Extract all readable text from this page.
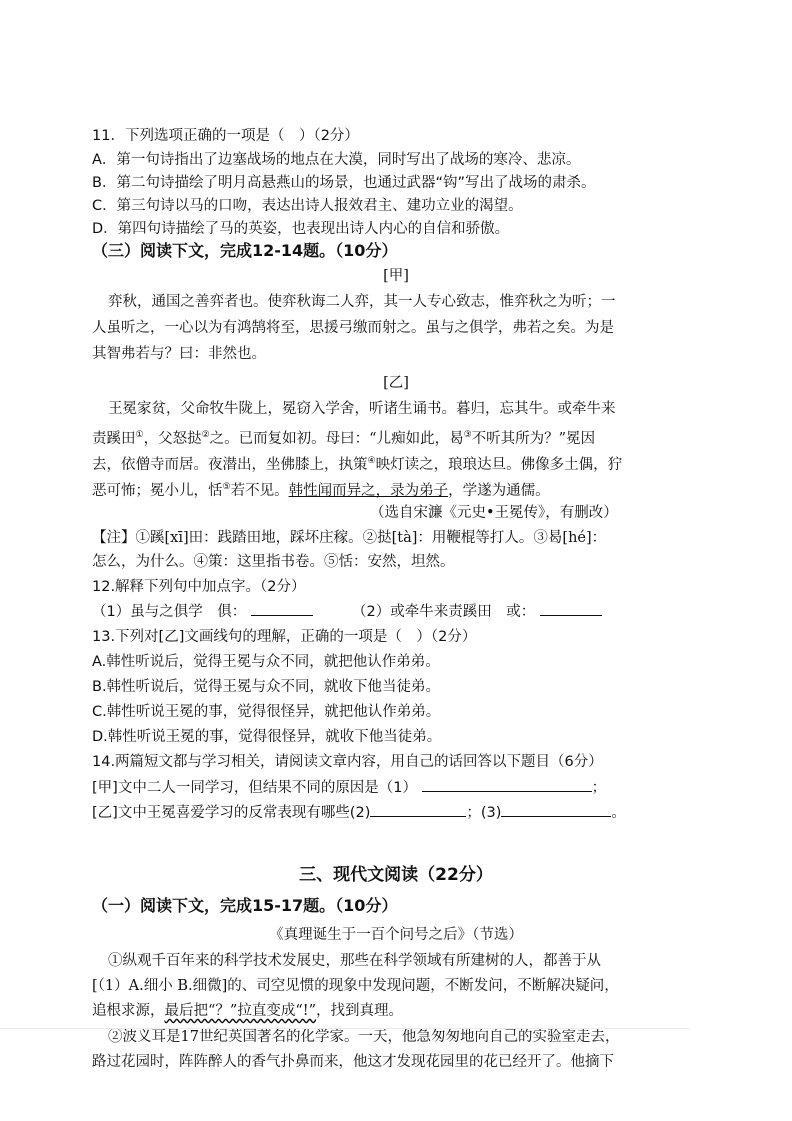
11．下列选项正确的一项是（　）（2分）
A．第一句诗指出了边塞战场的地点在大漠，同时写出了战场的寒冷、悲凉。
B．第二句诗描绘了明月高悬燕山的场景，也通过武器“钩”写出了战场的肃杀。
C．第三句诗以马的口吻，表达出诗人报效君主、建功立业的渴望。
D．第四句诗描绘了马的英姿，也表现出诗人内心的自信和骄傲。
（三）阅读下文，完成12-14题。（10分）
[甲]
弈秋，通国之善弈者也。使弈秋诲二人弈，其一人专心致志，惟弈秋之为听；一
人虽听之，一心以为有鸿鹄将至，思援弓缴而射之。虽与之俱学，弗若之矣。为是
其智弗若与？曰：非然也。
[乙]
王冕家贫，父命牧牛陇上，冕窃入学舍，听诸生诵书。暮归，忘其牛。或牵牛来
责蹊田①，父怒挞②之。已而复如初。母曰：“儿痴如此，曷③不听其所为？”冕因
去，依僧寺而居。夜潜出，坐佛膝上，执策④映灯读之，琅琅达旦。佛像多土偶，狞
恶可怖；冕小儿，恬⑤若不见。韩性闻而异之，录为弟子，学遂为通儒。
（选自宋濂《元史•王冕传》，有删改）
【注】①蹊[xī]田：践踏田地，踩坏庄稼。②挞[tà]：用鞭棍等打人。③曷[hé]：
怎么，为什么。④策：这里指书卷。⑤恬：安然，坦然。
12.解释下列句中加点字。（2分）
（1）虽与之俱学　俱：	（2）或牵牛来责蹊田　或：
13.下列对[乙]文画线句的理解，正确的一项是（　）（2分）
A.韩性听说后，觉得王冕与众不同，就把他认作弟弟。
B.韩性听说后，觉得王冕与众不同，就收下他当徒弟。
C.韩性听说王冕的事，觉得很怪异，就把他认作弟弟。
D.韩性听说王冕的事，觉得很怪异，就收下他当徒弟。
14.两篇短文都与学习相关，请阅读文章内容，用自己的话回答以下题目（6分）
[甲]文中二人一同学习，但结果不同的原因是（1）	；
[乙]文中王冕喜爱学习的反常表现有哪些(2)	；(3)	。
三、现代文阅读（22分）
（一）阅读下文，完成15-17题。（10分）
《真理诞生于一百个问号之后》（节选）
①纵观千百年来的科学技术发展史，那些在科学领域有所建树的人，都善于从
[（1）A.细小 B.细微]的、司空见惯的现象中发现问题，不断发问，不断解决疑问，
追根求源，最后把“？”拉直变成“!”，找到真理。
②波义耳是17世纪英国著名的化学家。一天，他急匆匆地向自己的实验室走去，
路过花园时，阵阵醉人的香气扑鼻而来，他这才发现花园里的花已经开了。他摘下
